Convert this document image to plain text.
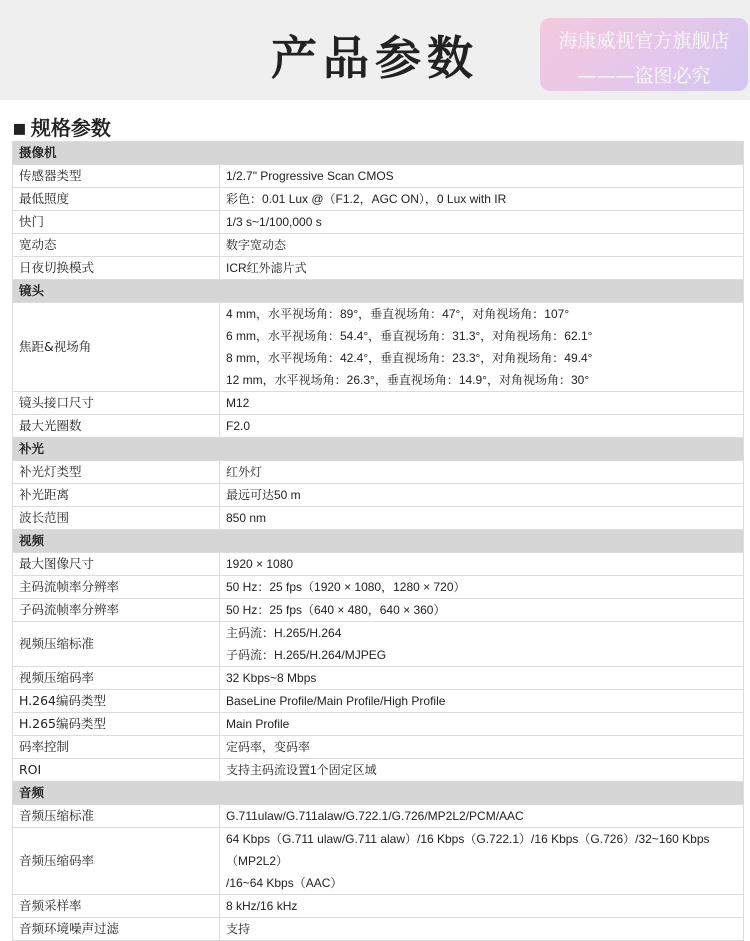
产品参数	海康威视官方旗舰店
———盗图必究
▪ 规格参数
摄像机	
传感器类型	1/2.7" Progressive Scan CMOS
最低照度	彩色：0.01 Lux @（F1.2，AGC ON），0 Lux with IR
快门	1/3 s~1/100,000 s
宽动态	数字宽动态
日夜切换模式	ICR红外滤片式
镜头	
焦距&视场角	4 mm，水平视场角：89°，垂直视场角：47°，对角视场角：107°
6 mm，水平视场角：54.4°，垂直视场角：31.3°，对角视场角：62.1°
8 mm，水平视场角：42.4°，垂直视场角：23.3°，对角视场角：49.4°
12 mm，水平视场角：26.3°，垂直视场角：14.9°，对角视场角：30°

镜头接口尺寸	M12
最大光圈数	F2.0
补光	
补光灯类型	红外灯
补光距离	最远可达50 m
波长范围	850 nm
视频	
最大图像尺寸	1920 × 1080
主码流帧率分辨率	50 Hz：25 fps（1920 × 1080，1280 × 720）
子码流帧率分辨率	50 Hz：25 fps（640 × 480，640 × 360）
视频压缩标准	主码流：H.265/H.264
子码流：H.265/H.264/MJPEG

视频压缩码率	32 Kbps~8 Mbps
H.264编码类型	BaseLine Profile/Main Profile/High Profile
H.265编码类型	Main Profile
码率控制	定码率，变码率
ROI	支持主码流设置1个固定区域
音频	
音频压缩标准	G.711ulaw/G.711alaw/G.722.1/G.726/MP2L2/PCM/AAC
音频压缩码率	64 Kbps（G.711 ulaw/G.711 alaw）/16 Kbps（G.722.1）/16 Kbps（G.726）/32~160 Kbps（MP2L2）
/16~64 Kbps（AAC）

音频采样率	8 kHz/16 kHz
音频环境噪声过滤	支持
